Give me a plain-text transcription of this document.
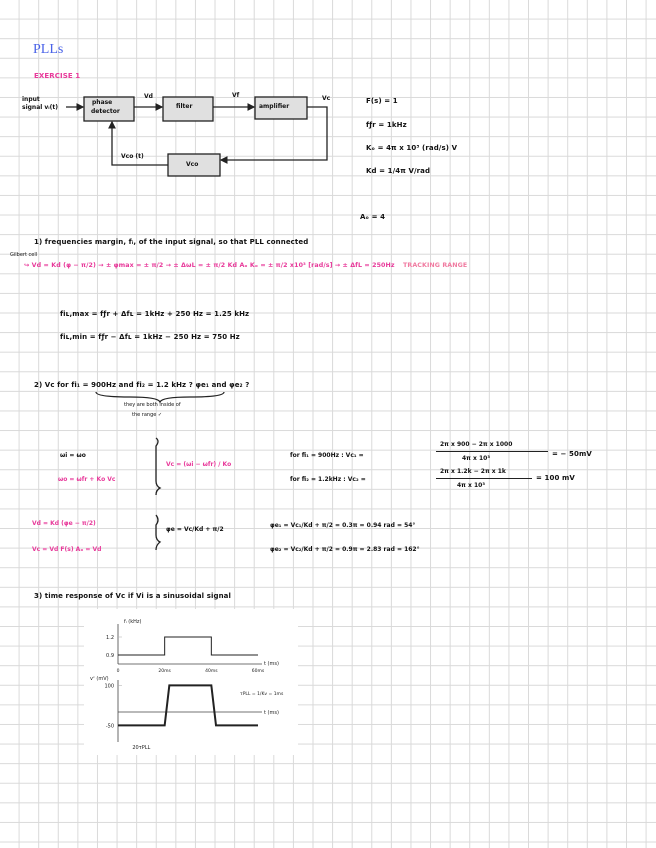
PLLs
EXERCISE 1
input
signal vᵢ(t)
phase
detector
filter	amplifier
Vco
Vd	Vf	Vc
Vco (t)
F(s) = 1
fƒr = 1kHz
Kₒ = 4π x 10³ (rad/s) V
Kd = 1/4π V/rad
Aₒ = 4
1) frequencies margin, fᵢ, of the input signal, so that PLL connected
Gilbert cell
↪ Vd = Kd (φ − π/2) → ± φmax = ± π/2 → ± ΔωL = ± π/2 Kd Aₒ Kₒ = ± π/2 x10³ [rad/s] → ± ΔfL = 250Hz TRACKING RANGE
fiʟ,max = fƒr + Δfʟ = 1kHz + 250 Hz = 1.25 kHz
fiʟ,min = fƒr − Δfʟ = 1kHz − 250 Hz = 750 Hz
2) Vc for fi₁ = 900Hz and fi₂ = 1.2 kHz ? φe₁ and φe₂ ?
they are both inside of
the range ✓
ωi = ωo
ωo = ωfr + Ko Vc
Vc = (ωi − ωfr) / Ko
for fi₁ = 900Hz : Vc₁ =
2π x 900 − 2π x 1000
4π x 10³
= − 50mV
for fi₂ = 1.2kHz : Vc₂ =
2π x 1.2k − 2π x 1k
4π x 10³
= 100 mV
Vd = Kd (φe − π/2)
Vc = Vd F(s) Aₒ = Vd
φe = Vc/Kd + π/2
φe₁ = Vc₁/Kd + π/2 = 0.3π = 0.94 rad = 54°
φe₂ = Vc₂/Kd + π/2 = 0.9π = 2.83 rad = 162°
3) time response of Vc if Vi is a sinusoidal signal
fᵢ (kHz)
t (ms)
1.2
0.9
0	20ms	40ms	60ms
vᶜ (mV)
t (ms)
100
-50
20τPLL
τPLL = 1/Kv = 1ms
